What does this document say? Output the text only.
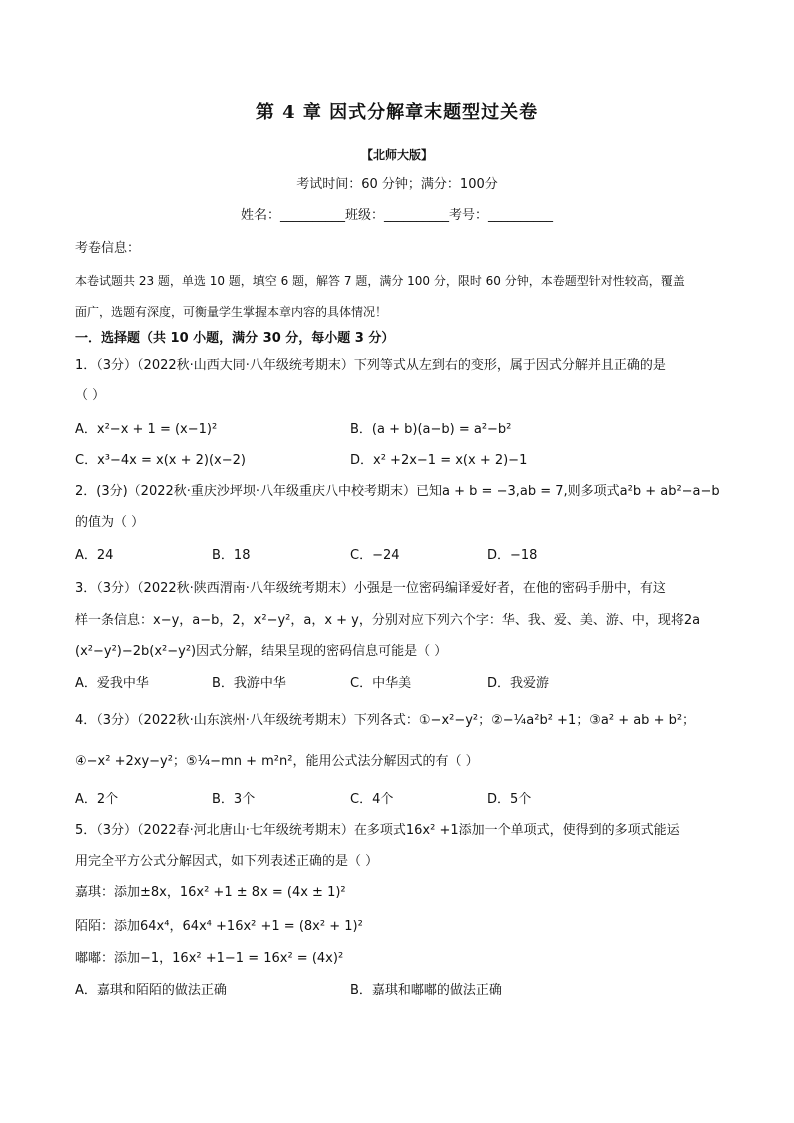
第 4 章 因式分解章末题型过关卷
【北师大版】
考试时间：60 分钟；满分：100分
姓名：__________班级：__________考号：__________
考卷信息：
本卷试题共 23 题，单选 10 题，填空 6 题，解答 7 题，满分 100 分，限时 60 分钟，本卷题型针对性较高，覆盖
面广，选题有深度，可衡量学生掌握本章内容的具体情况！
一．选择题（共 10 小题，满分 30 分，每小题 3 分）
1．（3分）（2022秋·山西大同·八年级统考期末）下列等式从左到右的变形，属于因式分解并且正确的是
（ ）
A．x²−x + 1 = (x−1)²	B．(a + b)(a−b) = a²−b²
C．x³−4x = x(x + 2)(x−2)	D．x² +2x−1 = x(x + 2)−1
2．(3分)（2022秋·重庆沙坪坝·八年级重庆八中校考期末）已知a + b = −3,ab = 7,则多项式a²b + ab²−a−b
的值为（ ）
A．24	B．18	C．−24	D．−18
3．（3分）（2022秋·陕西渭南·八年级统考期末）小强是一位密码编译爱好者，在他的密码手册中，有这
样一条信息：x−y，a−b，2，x²−y²，a，x + y，分别对应下列六个字：华、我、爱、美、游、中，现将2a
(x²−y²)−2b(x²−y²)因式分解，结果呈现的密码信息可能是（ ）
A．爱我中华	B．我游中华	C．中华美	D．我爱游
4．（3分）（2022秋·山东滨州·八年级统考期末）下列各式：①−x²−y²；②−¼a²b² +1；③a² + ab + b²；
④−x² +2xy−y²；⑤¼−mn + m²n²，能用公式法分解因式的有（ ）
A．2个	B．3个	C．4个	D．5个
5．（3分）（2022春·河北唐山·七年级统考期末）在多项式16x² +1添加一个单项式，使得到的多项式能运
用完全平方公式分解因式，如下列表述正确的是（ ）
嘉琪：添加±8x，16x² +1 ± 8x = (4x ± 1)²
陌陌：添加64x⁴，64x⁴ +16x² +1 = (8x² + 1)²
嘟嘟：添加−1，16x² +1−1 = 16x² = (4x)²
A．嘉琪和陌陌的做法正确	B．嘉琪和嘟嘟的做法正确
